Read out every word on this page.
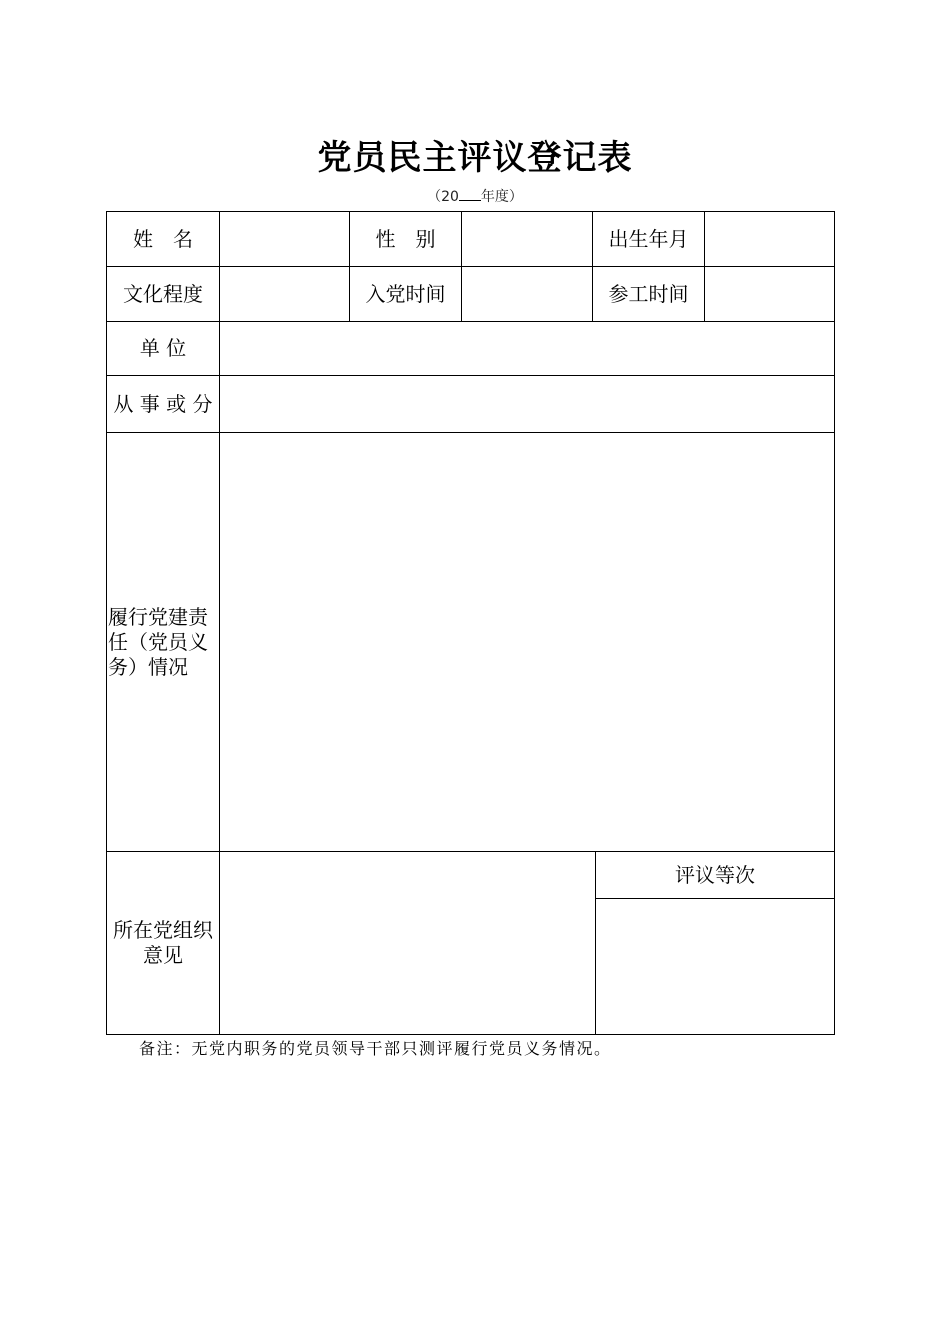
党员民主评议登记表
（20 年度）
姓　名	性　别	出生年月
文化程度	入党时间	参工时间
单 位
从 事 或 分
履行党建责任（党员义务）情况
所在党组织意见
评议等次
备注：无党内职务的党员领导干部只测评履行党员义务情况。
